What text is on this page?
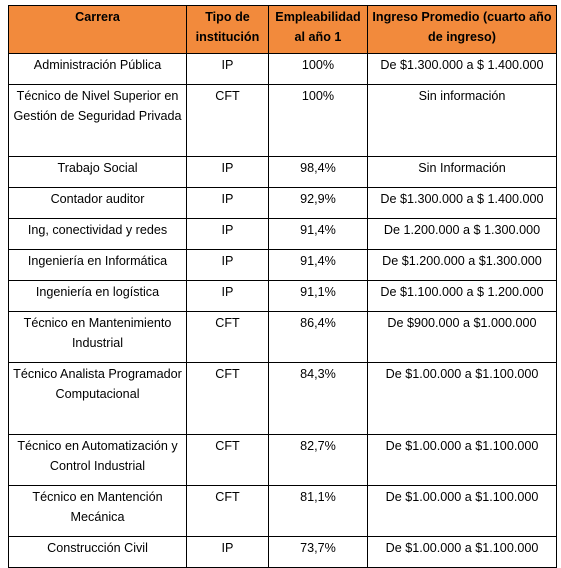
Carrera	Tipo de institución	Empleabilidad al año 1	Ingreso Promedio (cuarto año de ingreso)
Administración Pública	IP	100%	De $1.300.000 a $ 1.400.000
Técnico de Nivel Superior en Gestión de Seguridad Privada	CFT	100%	Sin información
Trabajo Social	IP	98,4%	Sin Información
Contador auditor	IP	92,9%	De $1.300.000 a $ 1.400.000
Ing, conectividad y redes	IP	91,4%	De 1.200.000 a $ 1.300.000
Ingeniería en Informática	IP	91,4%	De $1.200.000 a $1.300.000
Ingeniería en logística	IP	91,1%	De $1.100.000 a $ 1.200.000
Técnico en Mantenimiento Industrial	CFT	86,4%	De $900.000 a $1.000.000
Técnico Analista Programador Computacional	CFT	84,3%	De $1.00.000 a $1.100.000
Técnico en Automatización y Control Industrial	CFT	82,7%	De $1.00.000 a $1.100.000
Técnico en Mantención Mecánica	CFT	81,1%	De $1.00.000 a $1.100.000
Construcción Civil	IP	73,7%	De $1.00.000 a $1.100.000
